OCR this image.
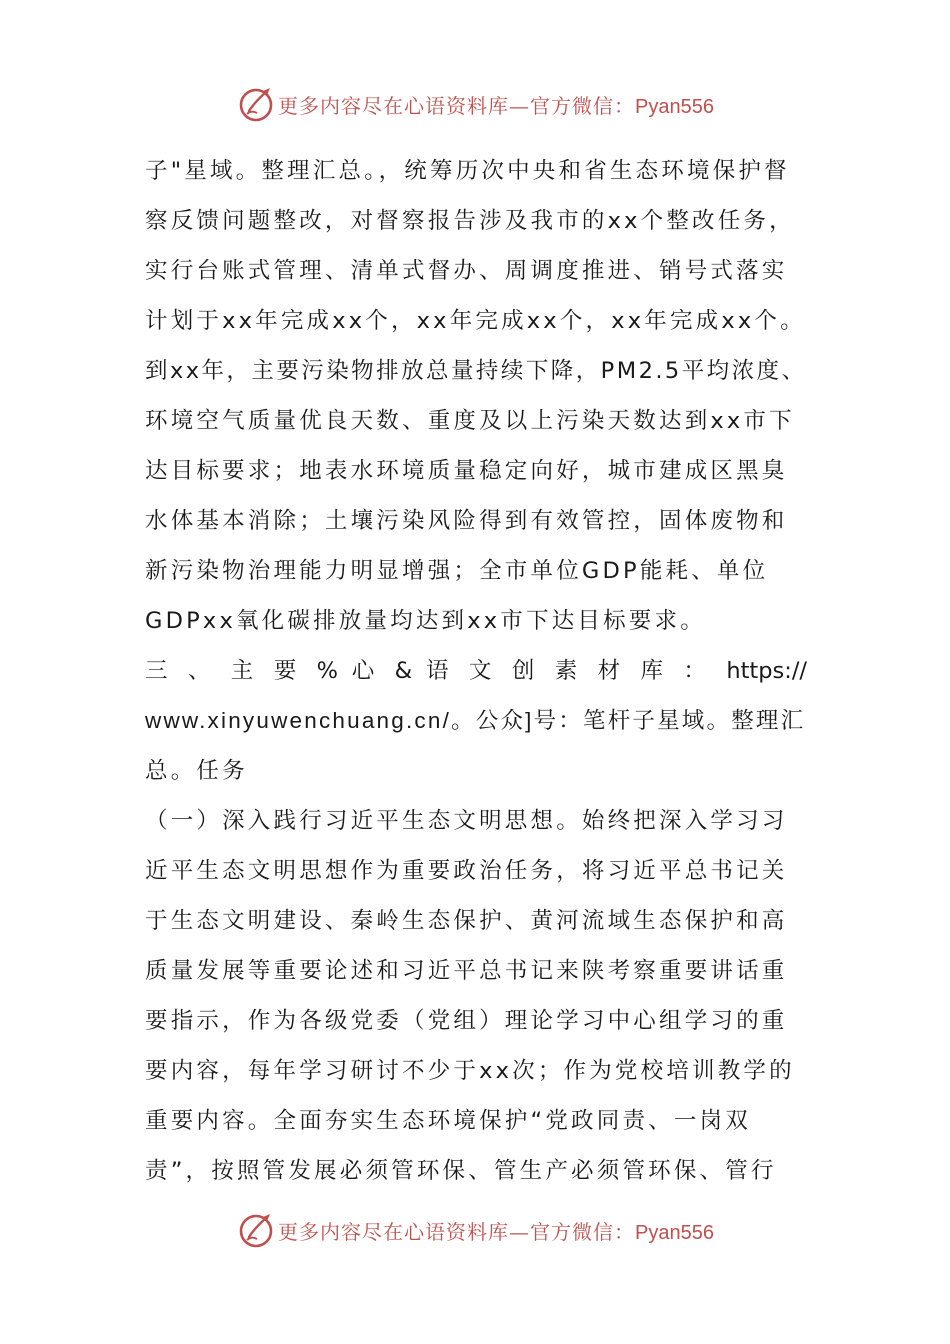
更多内容尽在心语资料库—官方微信：Pyan556
子"星域。整理汇总。，统筹历次中央和省生态环境保护督
察反馈问题整改，对督察报告涉及我市的xx个整改任务，
实行台账式管理、清单式督办、周调度推进、销号式落实
计划于xx年完成xx个，xx年完成xx个，xx年完成xx个。
到xx年，主要污染物排放总量持续下降，PM2.5平均浓度、
环境空气质量优良天数、重度及以上污染天数达到xx市下
达目标要求；地表水环境质量稳定向好，城市建成区黑臭
水体基本消除；土壤污染风险得到有效管控，固体废物和
新污染物治理能力明显增强；全市单位GDP能耗、单位
GDPxx氧化碳排放量均达到xx市下达目标要求。
三 、 主 要 % 心 & 语 文 创 素 材 库 ： https://
www.xinyuwenchuang.cn/。公众]号：笔杆子星域。整理汇
总。任务
（一）深入践行习近平生态文明思想。始终把深入学习习
近平生态文明思想作为重要政治任务，将习近平总书记关
于生态文明建设、秦岭生态保护、黄河流域生态保护和高
质量发展等重要论述和习近平总书记来陕考察重要讲话重
要指示，作为各级党委（党组）理论学习中心组学习的重
要内容，每年学习研讨不少于xx次；作为党校培训教学的
重要内容。全面夯实生态环境保护“党政同责、一岗双
责”，按照管发展必须管环保、管生产必须管环保、管行
更多内容尽在心语资料库—官方微信：Pyan556
